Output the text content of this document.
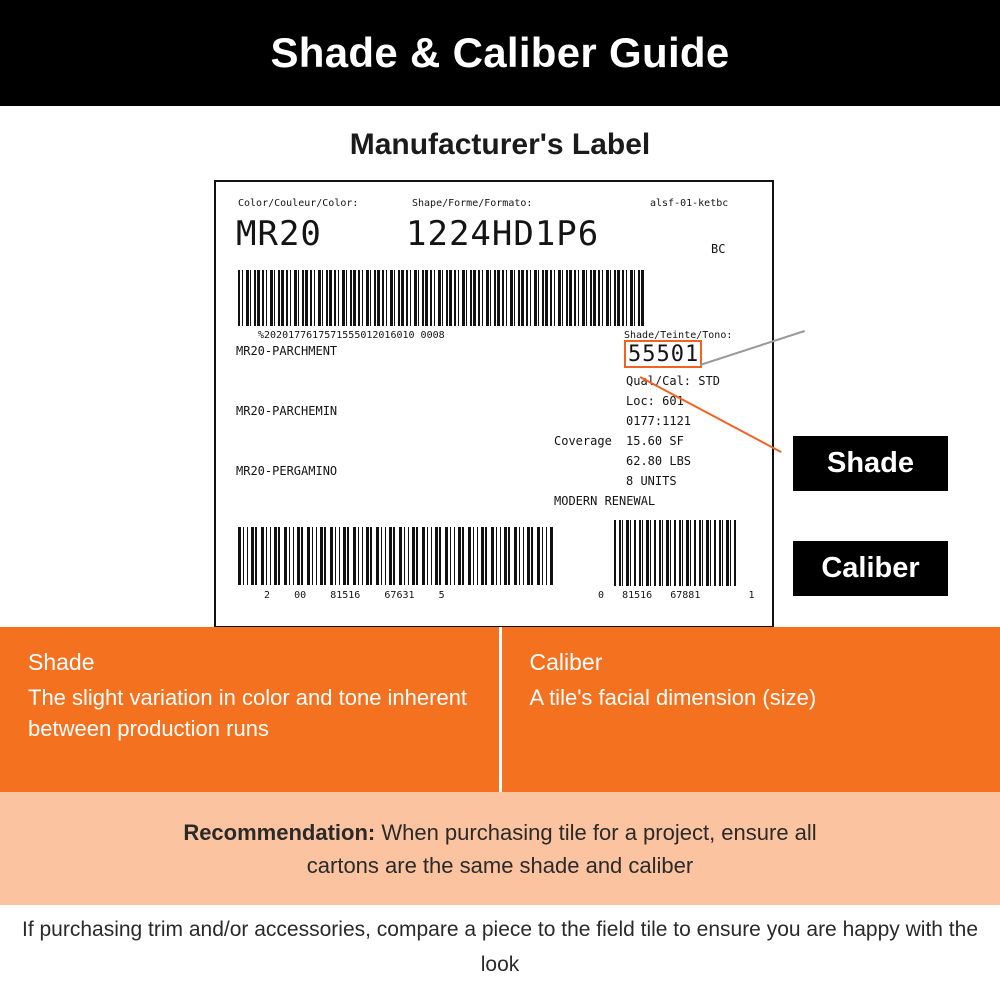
Shade & Caliber Guide
Manufacturer's Label
Color/Couleur/Color:	Shape/Forme/Formato:	alsf-01-ketbc
MR20 1224HD1P6	BC
%2020177617571555012016010 0008
MR20-PARCHMENT
MR20-PARCHEMIN
MR20-PERGAMINO
Shade/Teinte/Tono:
55501
Qual/Cal: STD
Loc: 601
0177:1121
Coverage 15.60 SF
62.80 LBS
8 UNITS
MODERN RENEWAL
2    00    81516    67631    5	0   81516   67881        1
Shade
Caliber
Shade
The slight variation in color and tone inherent between production runs
Caliber
A tile's facial dimension (size)
Recommendation: When purchasing tile for a project, ensure all cartons are the same shade and caliber
If purchasing trim and/or accessories, compare a piece to the field tile to ensure you are happy with the look
